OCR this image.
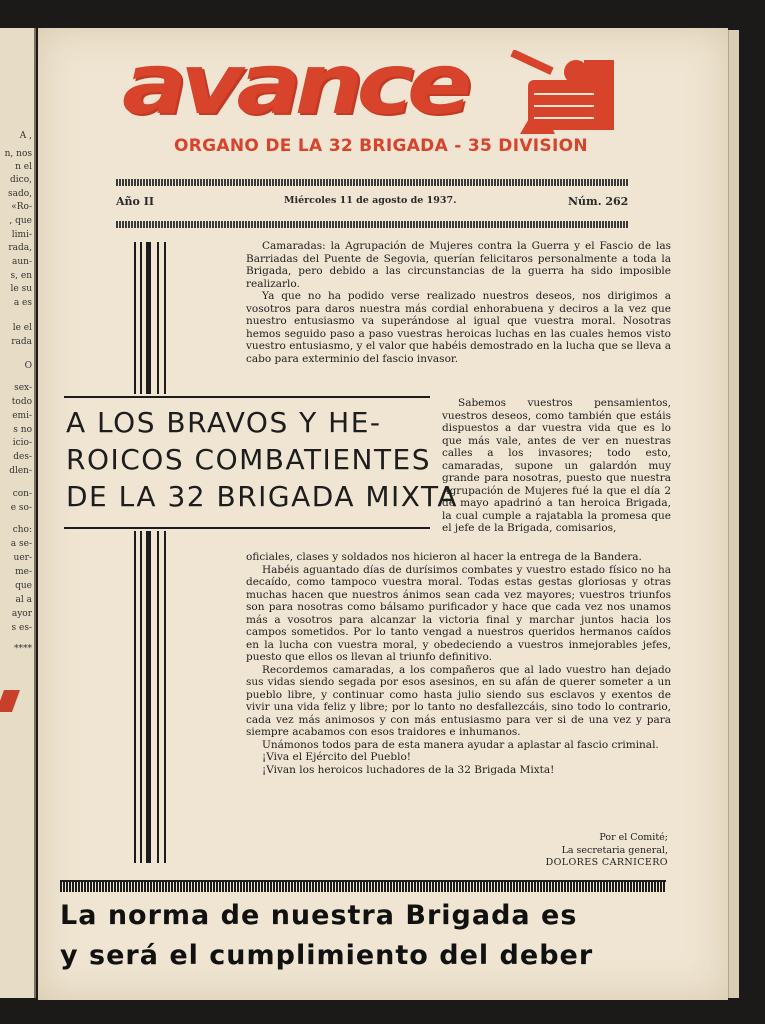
A ,
n, nos
n el
dico,
sado,
«Ro-
, que
limi-
rada,
aun-
s, en
le su
a es
le el
rada
O
sex-
todo
emi-
s no
icio-
des-
dlen-
con-
e so-
cho:
a se-
uer-
me-
que
al a
ayor
s es-
****
avance
ORGANO DE LA 32 BRIGADA - 35 DIVISION
Año II	Miércoles 11 de agosto de 1937.	Núm. 262
A LOS BRAVOS Y HE-
ROICOS COMBATIENTES
DE LA 32 BRIGADA MIXTA

Camaradas: la Agrupación de Mujeres contra la Guerra y el Fascio de las Barriadas del Puente de Segovia, querían felicitaros personalmente a toda la Brigada, pero debido a las circunstancias de la guerra ha sido imposible realizarlo.

Ya que no ha podido verse realizado nuestros deseos, nos dirigimos a vosotros para daros nuestra más cordial enhorabuena y deciros a la vez que nuestro entusiasmo va superándose al igual que vuestra moral. Nosotras hemos seguido paso a paso vuestras heroicas luchas en las cuales hemos visto vuestro entusiasmo, y el valor que habéis demostrado en la lucha que se lleva a cabo para exterminio del fascio invasor.

Sabemos vuestros pensamientos, vuestros deseos, como también que estáis dispuestos a dar vuestra vida que es lo que más vale, antes de ver en nuestras calles a los invasores; todo esto, camaradas, supone un galardón muy grande para nosotras, puesto que nuestra Agrupación de Mujeres fué la que el día 2 de mayo apadrinó a tan heroica Brigada, la cual cumple a rajatabla la promesa que el jefe de la Brigada, comisarios,

oficiales, clases y soldados nos hicieron al hacer la entrega de la Bandera.

Habéis aguantado días de durísimos combates y vuestro estado físico no ha decaído, como tampoco vuestra moral. Todas estas gestas gloriosas y otras muchas hacen que nuestros ánimos sean cada vez mayores; vuestros triunfos son para nosotras como bálsamo purificador y hace que cada vez nos unamos más a vosotros para alcanzar la victoria final y marchar juntos hacia los campos sometidos. Por lo tanto vengad a nuestros queridos hermanos caídos en la lucha con vuestra moral, y obedeciendo a vuestros inmejorables jefes, puesto que ellos os llevan al triunfo definitivo.

Recordemos camaradas, a los compañeros que al lado vuestro han dejado sus vidas siendo segada por esos asesinos, en su afán de querer someter a un pueblo libre, y continuar como hasta julio siendo sus esclavos y exentos de vivir una vida feliz y libre; por lo tanto no desfallezcáis, sino todo lo contrario, cada vez más animosos y con más entusiasmo para ver si de una vez y para siempre acabamos con esos traidores e inhumanos.

Unámonos todos para de esta manera ayudar a aplastar al fascio criminal.

¡Viva el Ejército del Pueblo!

¡Vivan los heroicos luchadores de la 32 Brigada Mixta!

Por el Comité;
La secretaria general,
DOLORES CARNICERO
La norma de nuestra Brigada es
y será el cumplimiento del deber
